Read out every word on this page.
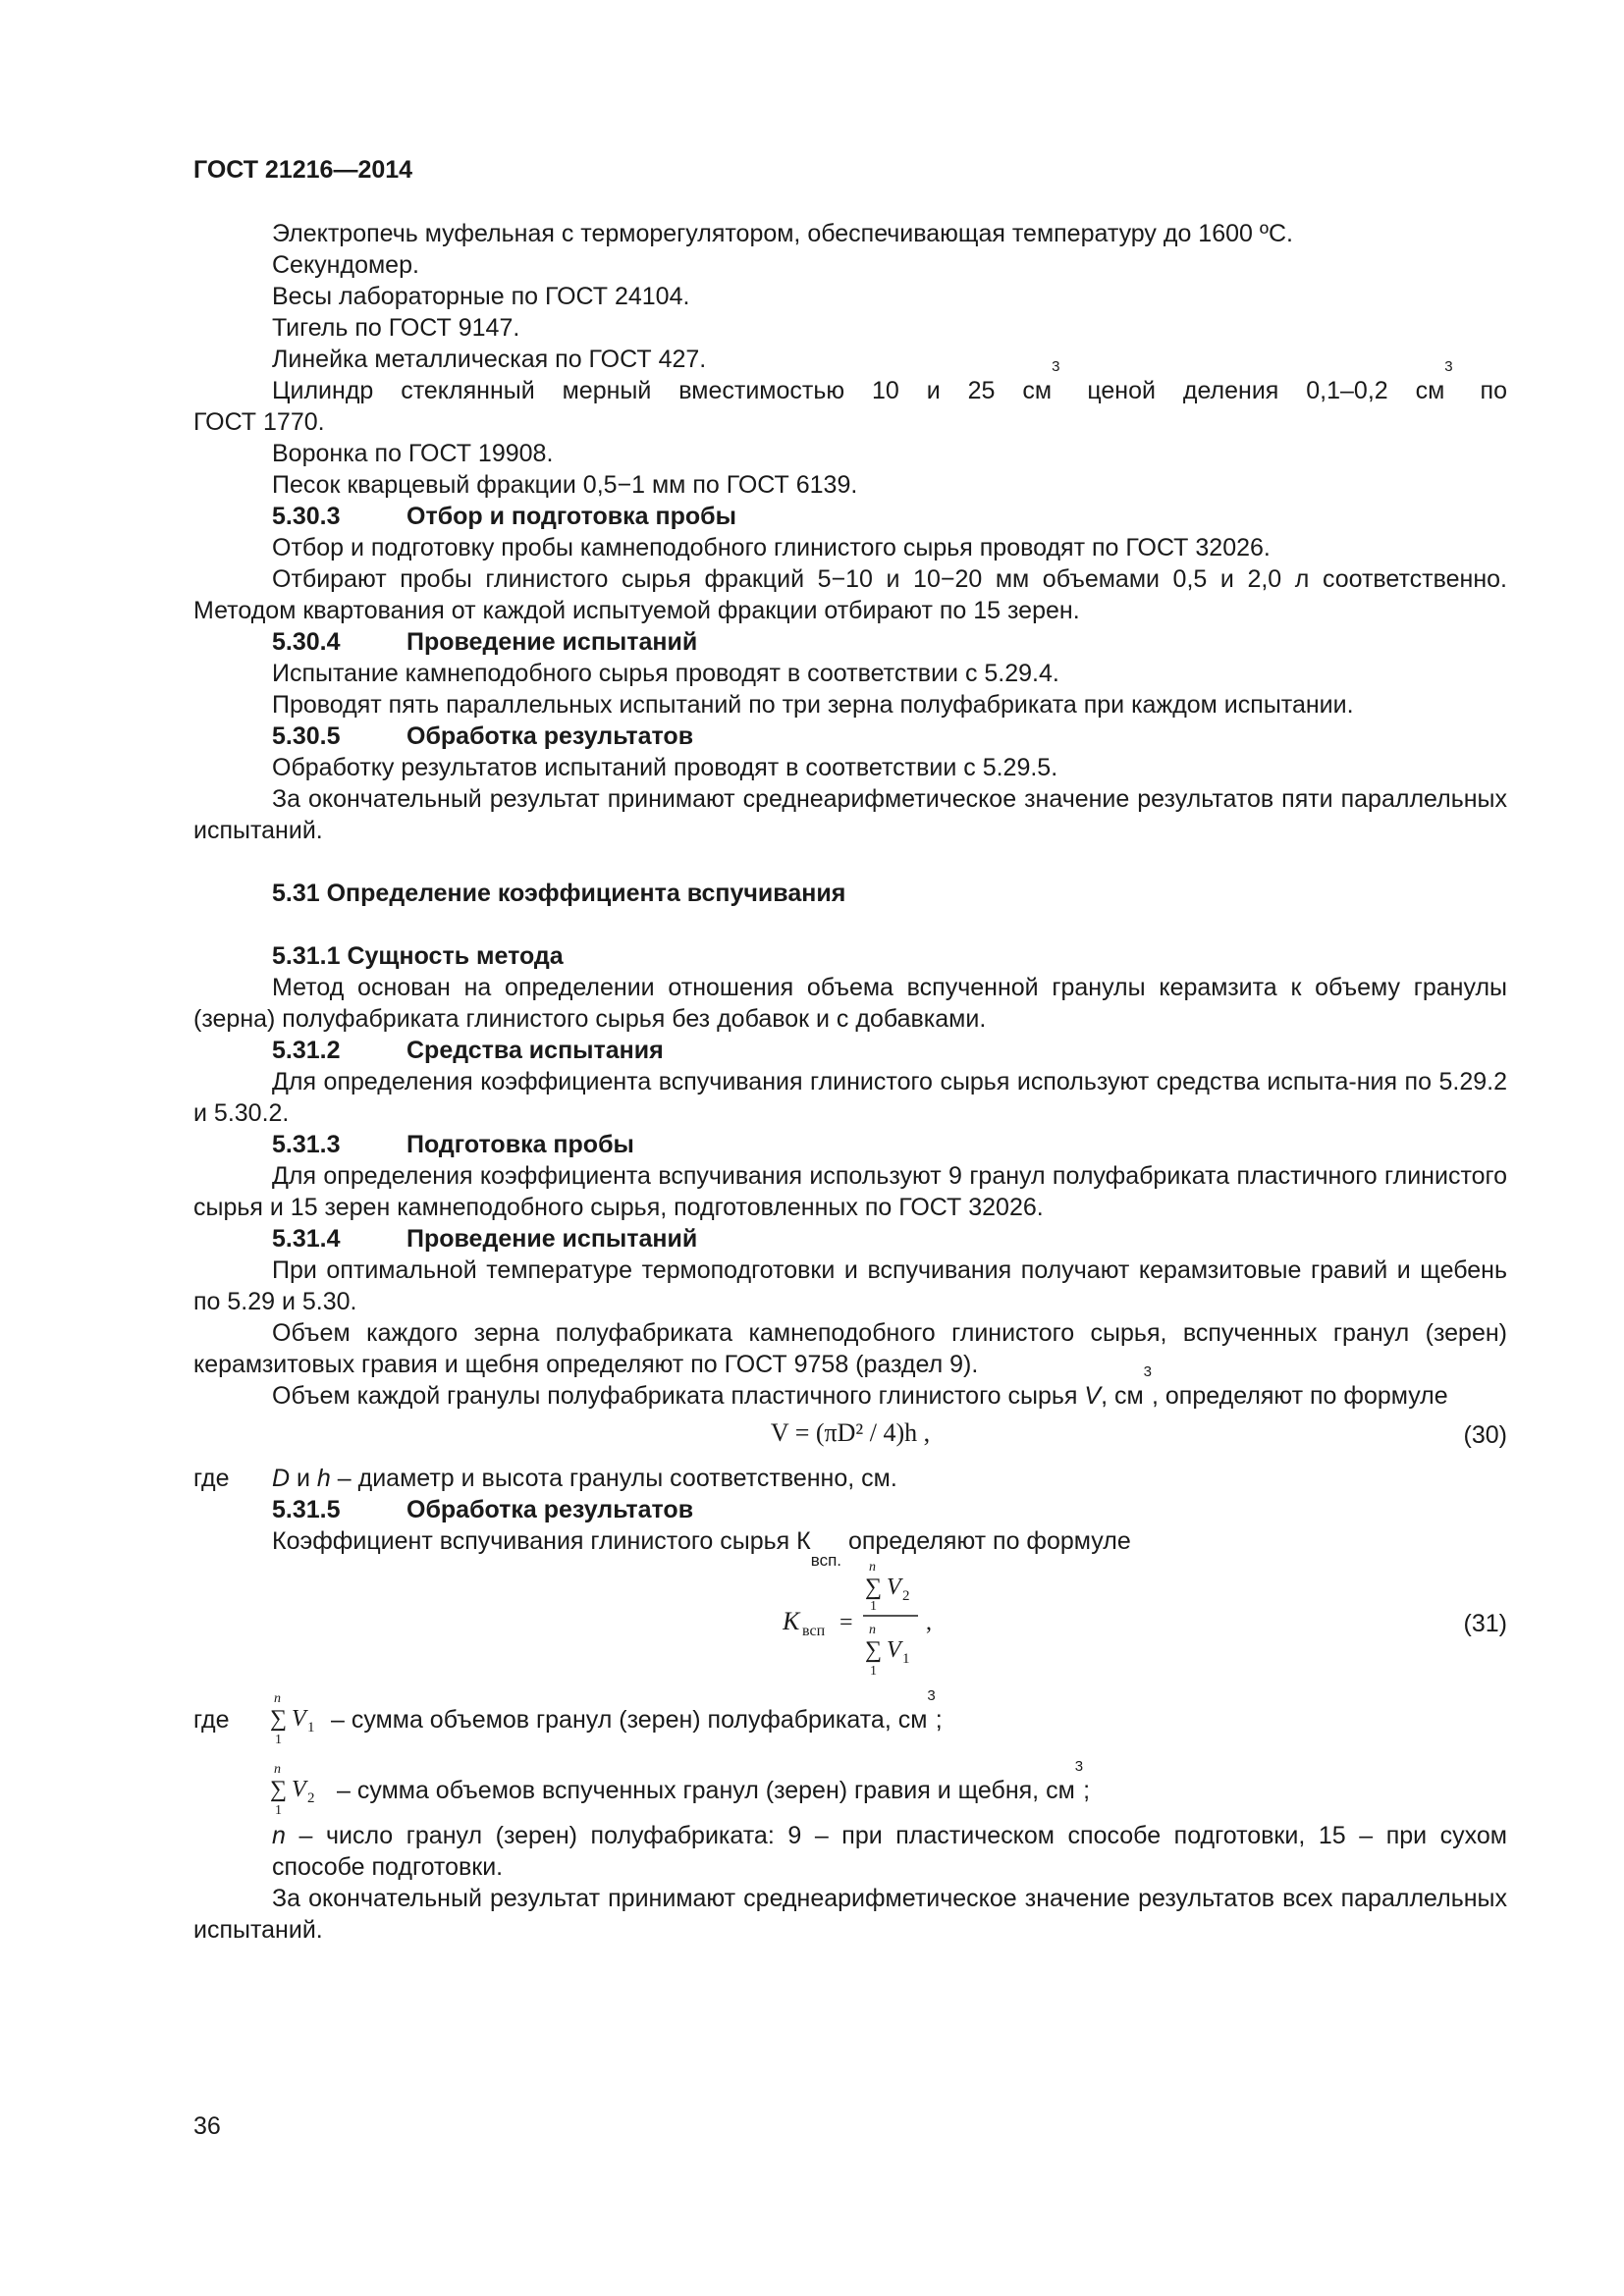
ГОСТ 21216—2014

Электропечь муфельная с терморегулятором, обеспечивающая температуру до 1600 ºС.

Секундомер.

Весы лабораторные по ГОСТ 24104.

Тигель по ГОСТ 9147.

Линейка металлическая по ГОСТ 427.

Цилиндр стеклянный мерный вместимостью 10 и 25 $см^3$ ценой деления 0,1–0,2 $см^3$ по

ГОСТ 1770.

Воронка по ГОСТ 19908.

Песок кварцевый фракции 0,5−1 мм по ГОСТ 6139.

5.30.3	Отбор и подготовка пробы

Отбор и подготовку пробы камнеподобного глинистого сырья проводят по ГОСТ 32026.

Отбирают пробы глинистого сырья фракций 5−10 и 10−20 мм объемами 0,5 и 2,0 л соответственно. Методом квартования от каждой испытуемой фракции отбирают по 15 зерен.

5.30.4	Проведение испытаний

Испытание камнеподобного сырья проводят в соответствии с 5.29.4.

Проводят пять параллельных испытаний по три зерна полуфабриката при каждом испытании.

5.30.5	Обработка результатов

Обработку результатов испытаний проводят в соответствии с 5.29.5.

За окончательный результат принимают среднеарифметическое значение результатов пяти параллельных испытаний.

5.31 Определение коэффициента вспучивания

5.31.1 Сущность метода

Метод основан на определении отношения объема вспученной гранулы керамзита к объему гранулы (зерна) полуфабриката глинистого сырья без добавок и с добавками.

5.31.2	Средства испытания

Для определения коэффициента вспучивания глинистого сырья используют средства испыта-ния по 5.29.2 и 5.30.2.

5.31.3	Подготовка пробы

Для определения коэффициента вспучивания используют 9 гранул полуфабриката пластичного глинистого сырья и 15 зерен камнеподобного сырья, подготовленных по ГОСТ 32026.

5.31.4	Проведение испытаний

При оптимальной температуре термоподготовки и вспучивания получают керамзитовые гравий и щебень по 5.29 и 5.30.

Объем каждого зерна полуфабриката камнеподобного глинистого сырья, вспученных гранул (зерен) керамзитовых гравия и щебня определяют по ГОСТ 9758 (раздел 9).

Объем каждой гранулы полуфабриката пластичного глинистого сырья V, $см^3$, определяют по формуле

V = (πD² / 4)h ,	(30)

где D и h – диаметр и высота гранулы соответственно, см.

5.31.5	Обработка результатов

Коэффициент вспучивания глинистого сырья $К_{всп.}$ определяют по формуле

K всп =
n
∑ V 2
1
n
∑ V 1
1
,	(31)
где
n
∑ V 1
1
– сумма объемов гранул (зерен) полуфабриката, $см^3$;
n
∑ V 2
1
– сумма объемов вспученных гранул (зерен) гравия и щебня, $см^3$;

n – число гранул (зерен) полуфабриката: 9 – при пластическом способе подготовки, 15 – при сухом способе подготовки.

За окончательный результат принимают среднеарифметическое значение результатов всех параллельных испытаний.

36
